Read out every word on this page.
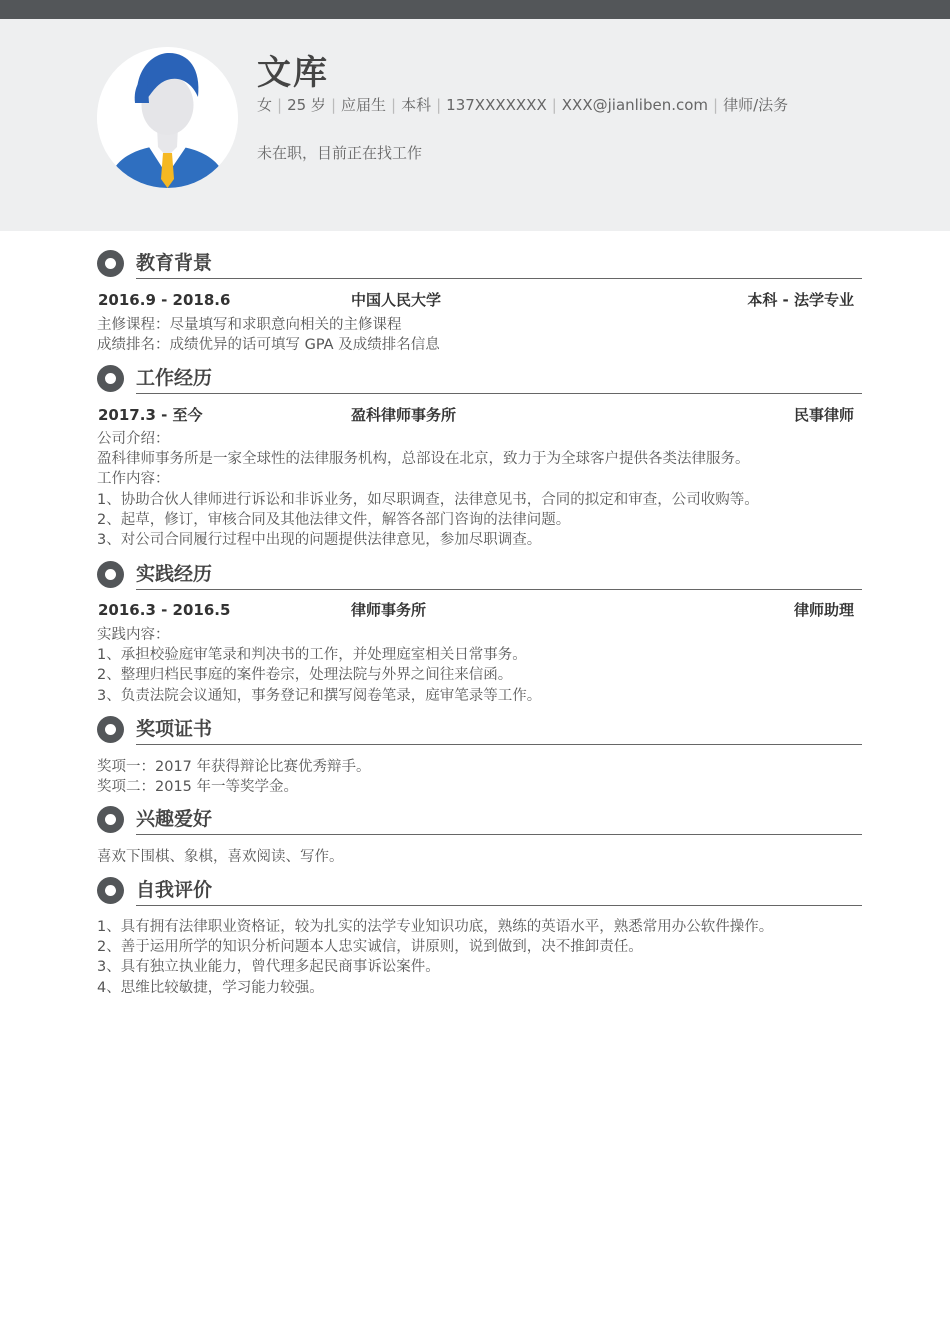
文库
女 | 25 岁 | 应届生 | 本科 | 137XXXXXXX | XXX@jianliben.com | 律师/法务
未在职，目前正在找工作
教育背景
2016.9 - 2018.6	中国人民大学	本科 - 法学专业
主修课程：尽量填写和求职意向相关的主修课程
成绩排名：成绩优异的话可填写 GPA 及成绩排名信息
工作经历
2017.3 - 至今	盈科律师事务所	民事律师
公司介绍：
盈科律师事务所是一家全球性的法律服务机构，总部设在北京，致力于为全球客户提供各类法律服务。
工作内容：
1、协助合伙人律师进行诉讼和非诉业务，如尽职调查，法律意见书，合同的拟定和审查，公司收购等。
2、起草，修订，审核合同及其他法律文件，解答各部门咨询的法律问题。
3、对公司合同履行过程中出现的问题提供法律意见，参加尽职调查。
实践经历
2016.3 - 2016.5	律师事务所	律师助理
实践内容：
1、承担校验庭审笔录和判决书的工作，并处理庭室相关日常事务。
2、整理归档民事庭的案件卷宗，处理法院与外界之间往来信函。
3、负责法院会议通知，事务登记和撰写阅卷笔录，庭审笔录等工作。
奖项证书
奖项一：2017 年获得辩论比赛优秀辩手。
奖项二：2015 年一等奖学金。
兴趣爱好
喜欢下围棋、象棋，喜欢阅读、写作。
自我评价
1、具有拥有法律职业资格证，较为扎实的法学专业知识功底，熟练的英语水平，熟悉常用办公软件操作。
2、善于运用所学的知识分析问题本人忠实诚信，讲原则，说到做到，决不推卸责任。
3、具有独立执业能力，曾代理多起民商事诉讼案件。
4、思维比较敏捷，学习能力较强。
